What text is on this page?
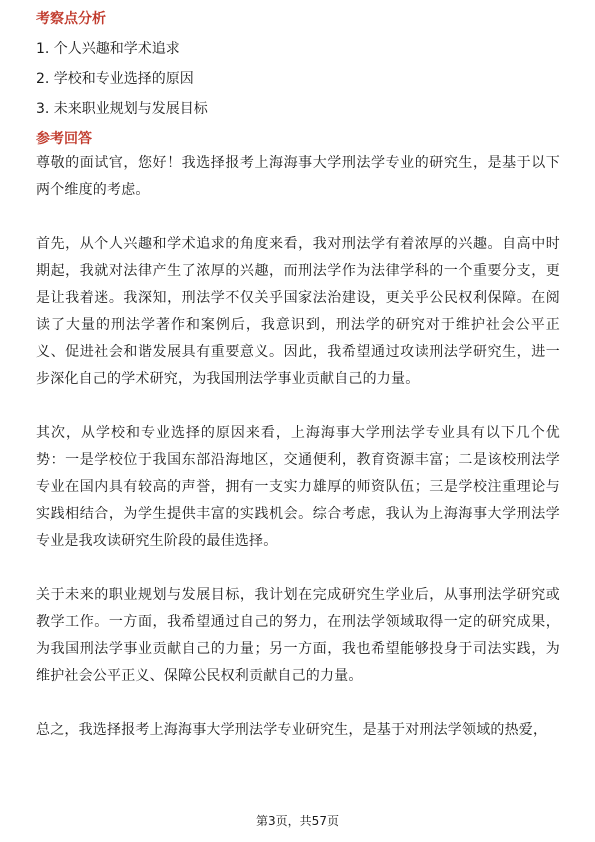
考察点分析
1. 个人兴趣和学术追求
2. 学校和专业选择的原因
3. 未来职业规划与发展目标
参考回答

尊敬的面试官，您好！我选择报考上海海事大学刑法学专业的研究生，是基于以下两个维度的考虑。

首先，从个人兴趣和学术追求的角度来看，我对刑法学有着浓厚的兴趣。自高中时期起，我就对法律产生了浓厚的兴趣，而刑法学作为法律学科的一个重要分支，更是让我着迷。我深知，刑法学不仅关乎国家法治建设，更关乎公民权利保障。在阅读了大量的刑法学著作和案例后，我意识到，刑法学的研究对于维护社会公平正义、促进社会和谐发展具有重要意义。因此，我希望通过攻读刑法学研究生，进一步深化自己的学术研究，为我国刑法学事业贡献自己的力量。

其次，从学校和专业选择的原因来看，上海海事大学刑法学专业具有以下几个优势：一是学校位于我国东部沿海地区，交通便利，教育资源丰富；二是该校刑法学专业在国内具有较高的声誉，拥有一支实力雄厚的师资队伍；三是学校注重理论与实践相结合，为学生提供丰富的实践机会。综合考虑，我认为上海海事大学刑法学专业是我攻读研究生阶段的最佳选择。

关于未来的职业规划与发展目标，我计划在完成研究生学业后，从事刑法学研究或教学工作。一方面，我希望通过自己的努力，在刑法学领域取得一定的研究成果，为我国刑法学事业贡献自己的力量；另一方面，我也希望能够投身于司法实践，为维护社会公平正义、保障公民权利贡献自己的力量。

总之，我选择报考上海海事大学刑法学专业研究生，是基于对刑法学领域的热爱，

第3页，共57页
